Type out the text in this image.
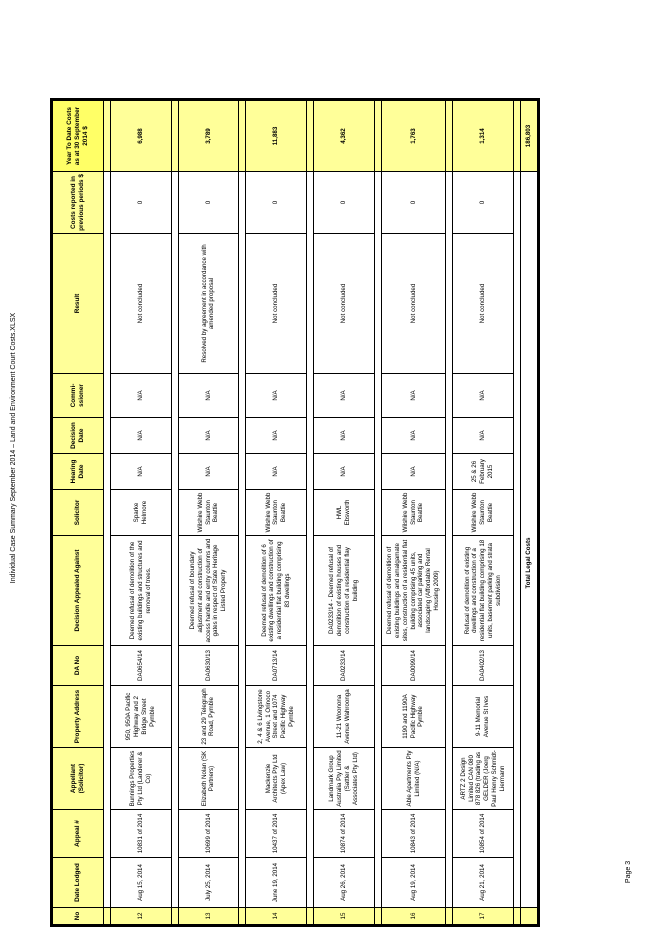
Individual Case Summary September 2014 – Land and Environment Court Costs.XLSX
No	Date Lodged	Appeal #	Appellant (Solicitor)	Property Address	DA No	Decision Appealed Against	Solicitor	Hearing Date	Decision Date	Commi-ssioner	Result	Costs reported in previous periods $	Year To Date Costs as at 30 September 2014 $

12	Aug 15, 2014	10831 of 2014	Bunnings Properties Pty Ltd (Landerer & Co)	950, 950A Pacific Highway and 2 Bridge Street Pymble	DA0654/14	Deemed refusal of demolition of the existing buildings and structures and removal of trees.	Sparke Helmore	N/A	N/A	N/A	Not concluded	0	6,988

13	July 25, 2014	10699 of 2014	Elizabeth Nolan (SK Partners)	23 and 29 Telegraph Road, Pymble	DA0630/13	Deemed refusal of boundary adjustment and construction of access handle and entry columns and gates in respect of State Heritage Listed Property	Wilshire Webb Staunton Beattie	N/A	N/A	N/A	Resolved by agreement in accordance with amended proposal	0	3,789

14	June 19, 2014	10437 of 2014	Mackenzie Architects Pty Ltd (Apex Law)	2, 4 & 6 Livingstone Avenue, 1 Orinoco Street and 1074 Pacific Highway Pymble	DA0713/14	Deemed refusal of demolition of 6 existing dwellings and construction of a residential flat building comprising 83 dwellings	Wilshire Webb Staunton Beattie	N/A	N/A	N/A	Not concluded	0	11,883

15	Aug 26, 2014	10874 of 2014	Landmark Group Australia Pty Limited (Sattler & Associates Pty Ltd)	11-21 Woonona Avenue Wahroonga	DA0233/14	DA0233/14 - Deemed refusal of demolition of existing houses and construction of a residential flay building	HWL Ebsworth	N/A	N/A	N/A	Not concluded	0	4,362

16	Aug 19, 2014	10843 of 2014	Able Apartments Pty Limited (N/A)	1190 and 1190A Pacific Highway Pymble	DA0099/14	Deemed refusal of demolition of existing buildings and amalgamate sites, construction of a residential flat building comprising 45 units, associated car parking and landscaping (Affordable Rental Housing 2009)	Wilshire Webb Staunton Beattie	N/A	N/A	N/A	Not concluded	0	1,763

17	Aug 21, 2014	10854 of 2014	ARTZ 2 Design Limited CAN 080 878 826 (trading as GELDER (Joerg Paul Henry Schmidt-Liermann	9-11 Memorial Avenue St Ives	DA0402/13	Refusal of demolition of existing dwellings and construction of a residential flat building comprising 18 units, basement parking and strata subdivision	Wilshire Webb Staunton Beattie	25 & 26 February 2015	N/A	N/A	Not concluded	0	1,314

	Total Legal Costs												186,803
Page 3
